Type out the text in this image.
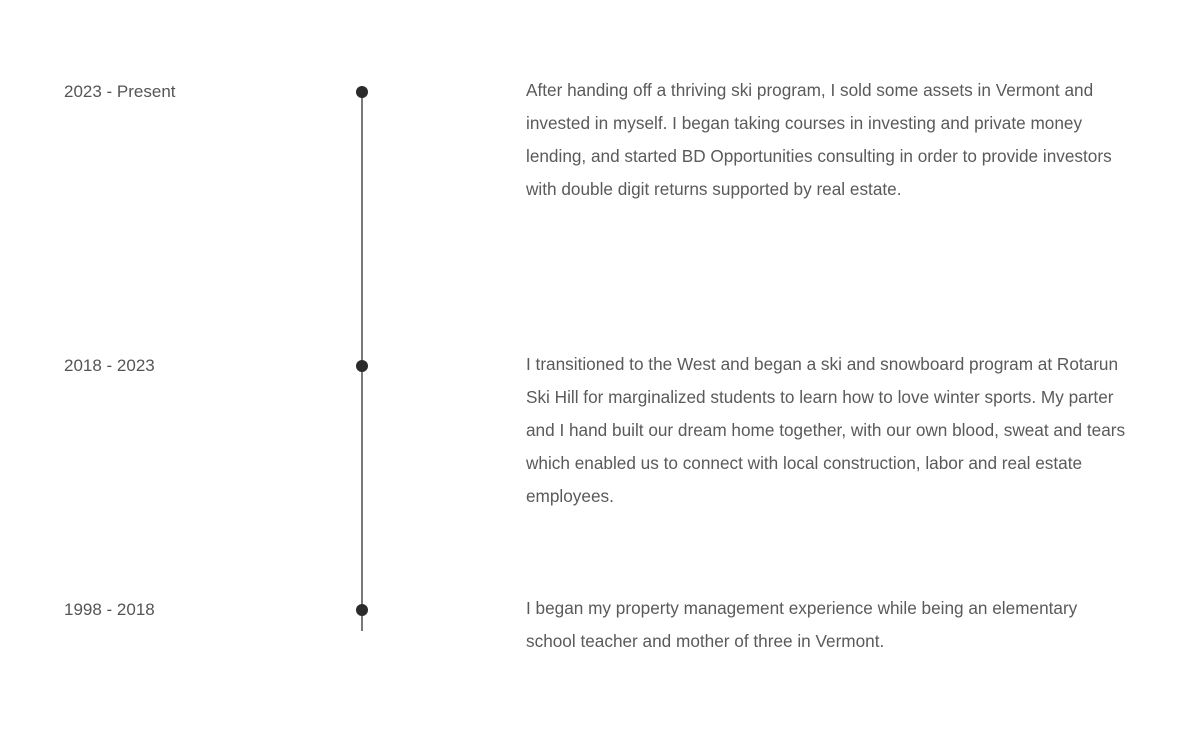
2023 - Present	After handing off a thriving ski program, I sold some assets in Vermont and invested in myself. I began taking courses in investing and private money lending, and started BD Opportunities consulting in order to provide investors with double digit returns supported by real estate.

2018 - 2023	I transitioned to the West and began a ski and snowboard program at Rotarun Ski Hill for marginalized students to learn how to love winter sports. My parter and I hand built our dream home together, with our own blood, sweat and tears which enabled us to connect with local construction, labor and real estate employees.

1998 - 2018	I began my property management experience while being an elementary school teacher and mother of three in Vermont.
